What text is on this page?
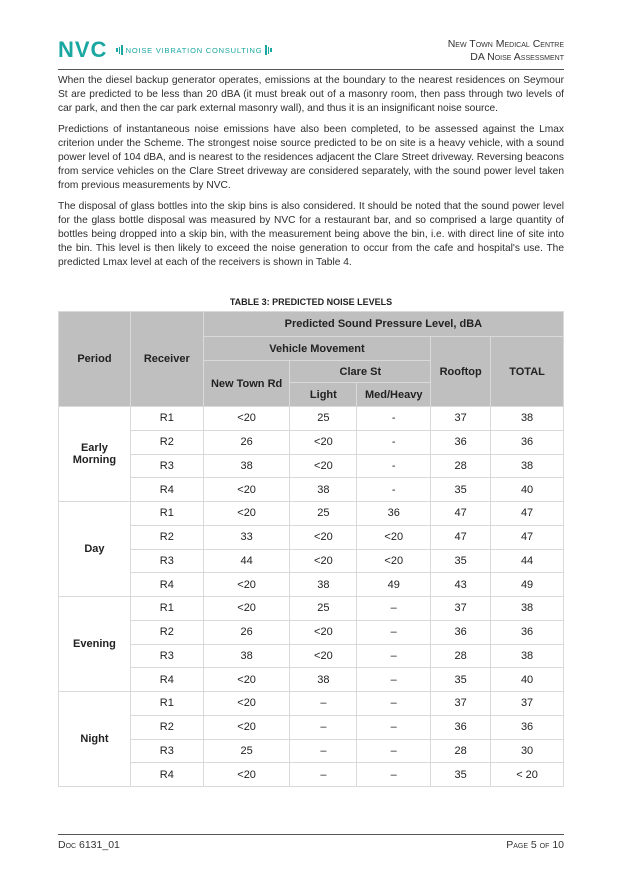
NVC NOISE VIBRATION CONSULTING	New Town Medical Centre
DA Noise Assessment

When the diesel backup generator operates, emissions at the boundary to the nearest residences on Seymour St are predicted to be less than 20 dBA (it must break out of a masonry room, then pass through two levels of car park, and then the car park external masonry wall), and thus it is an insignificant noise source.

Predictions of instantaneous noise emissions have also been completed, to be assessed against the Lmax criterion under the Scheme. The strongest noise source predicted to be on site is a heavy vehicle, with a sound power level of 104 dBA, and is nearest to the residences adjacent the Clare Street driveway. Reversing beacons from service vehicles on the Clare Street driveway are considered separately, with the sound power level taken from previous measurements by NVC.

The disposal of glass bottles into the skip bins is also considered. It should be noted that the sound power level for the glass bottle disposal was measured by NVC for a restaurant bar, and so comprised a large quantity of bottles being dropped into a skip bin, with the measurement being above the bin, i.e. with direct line of site into the bin. This level is then likely to exceed the noise generation to occur from the cafe and hospital's use. The predicted Lmax level at each of the receivers is shown in Table 4.

TABLE 3: PREDICTED NOISE LEVELS
Period	Receiver	Predicted Sound Pressure Level, dBA				
		Vehicle Movement			Rooftop	TOTAL
		New Town Rd	Clare St			
			Light	Med/Heavy		
Early Morning	R1	<20	25	-	37	38
	R2	26	<20	-	36	36
	R3	38	<20	-	28	38
	R4	<20	38	-	35	40
Day	R1	<20	25	36	47	47
	R2	33	<20	<20	47	47
	R3	44	<20	<20	35	44
	R4	<20	38	49	43	49
Evening	R1	<20	25	–	37	38
	R2	26	<20	–	36	36
	R3	38	<20	–	28	38
	R4	<20	38	–	35	40
Night	R1	<20	–	–	37	37
	R2	<20	–	–	36	36
	R3	25	–	–	28	30
	R4	<20	–	–	35	< 20
Doc 6131_01	Page 5 of 10
